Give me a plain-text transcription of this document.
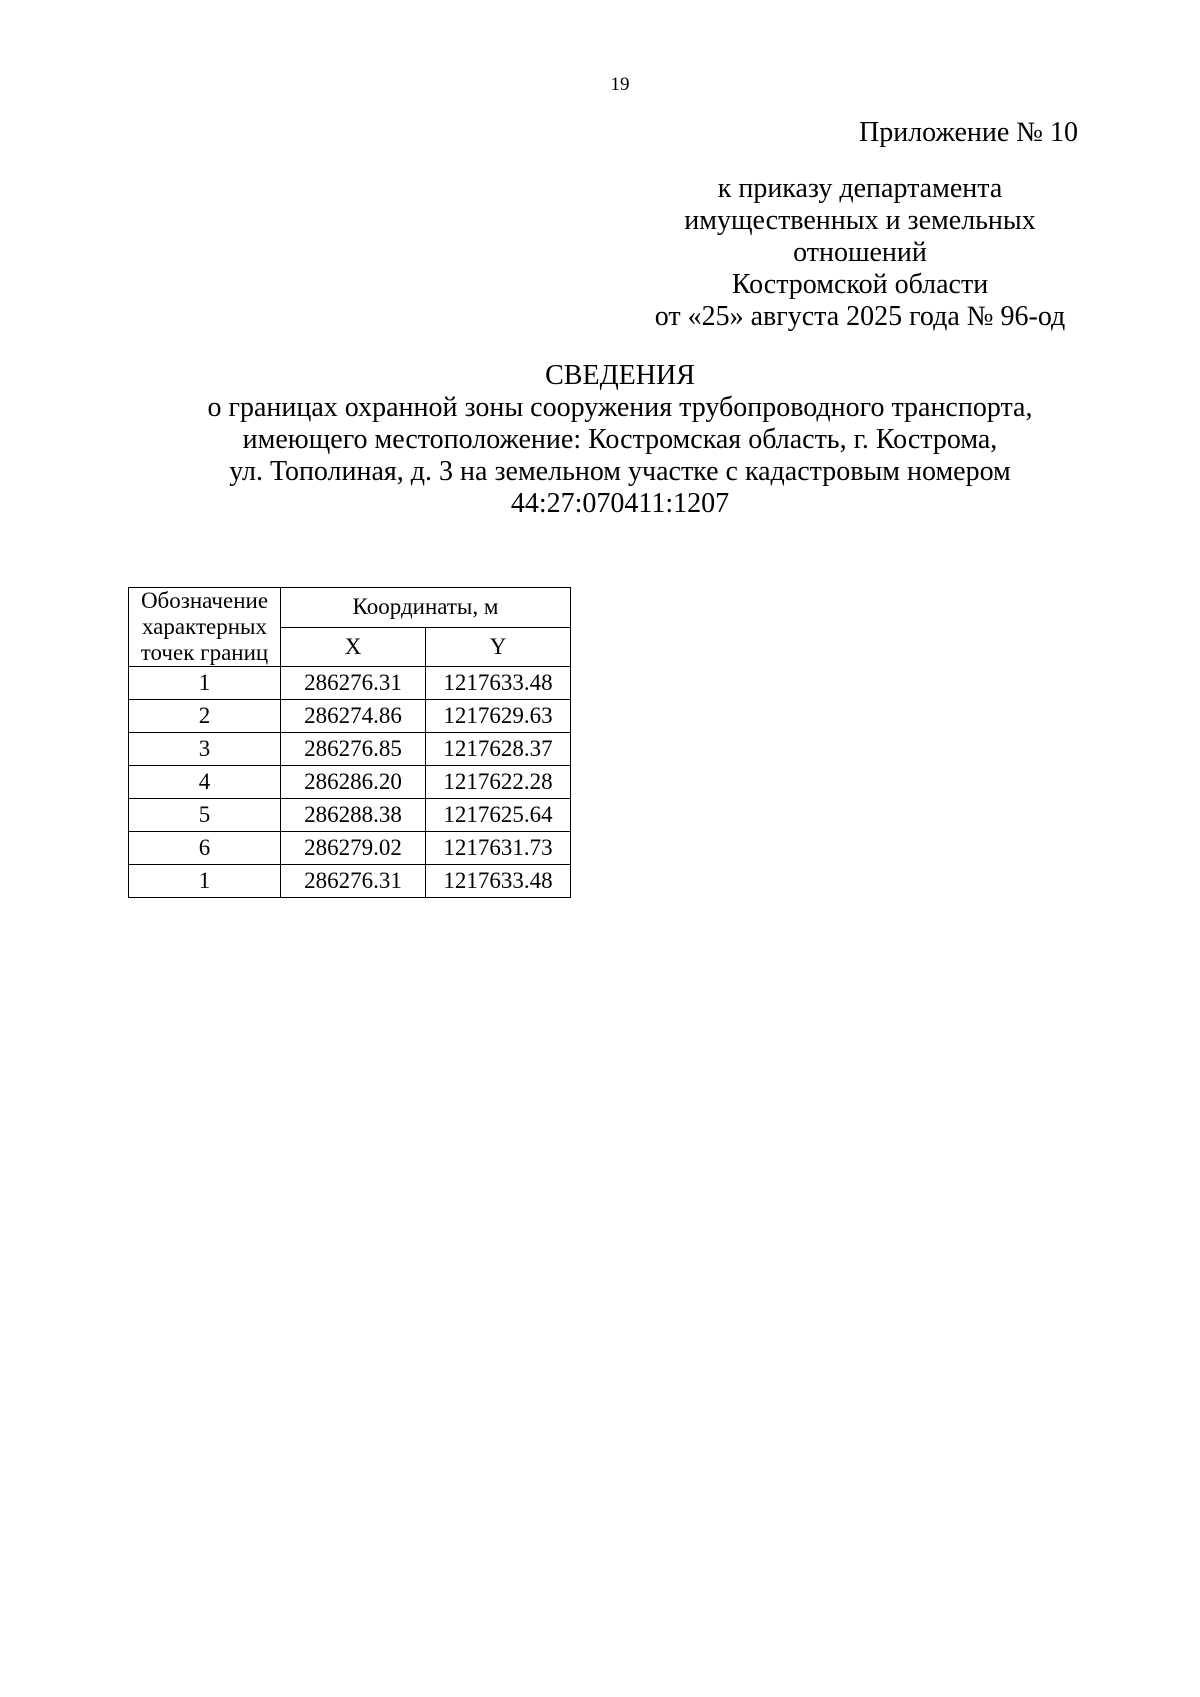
19
Приложение № 10
к приказу департамента
имущественных и земельных
отношений
Костромской области
от «25» августа 2025 года № 96-од
СВЕДЕНИЯ
о границах охранной зоны сооружения трубопроводного транспорта,
имеющего местоположение: Костромская область, г. Кострома,
ул. Тополиная, д. 3 на земельном участке с кадастровым номером
44:27:070411:1207
Обозначение
характерных
точек границ	Координаты, м	
	X	Y
1	286276.31	1217633.48
2	286274.86	1217629.63
3	286276.85	1217628.37
4	286286.20	1217622.28
5	286288.38	1217625.64
6	286279.02	1217631.73
1	286276.31	1217633.48
